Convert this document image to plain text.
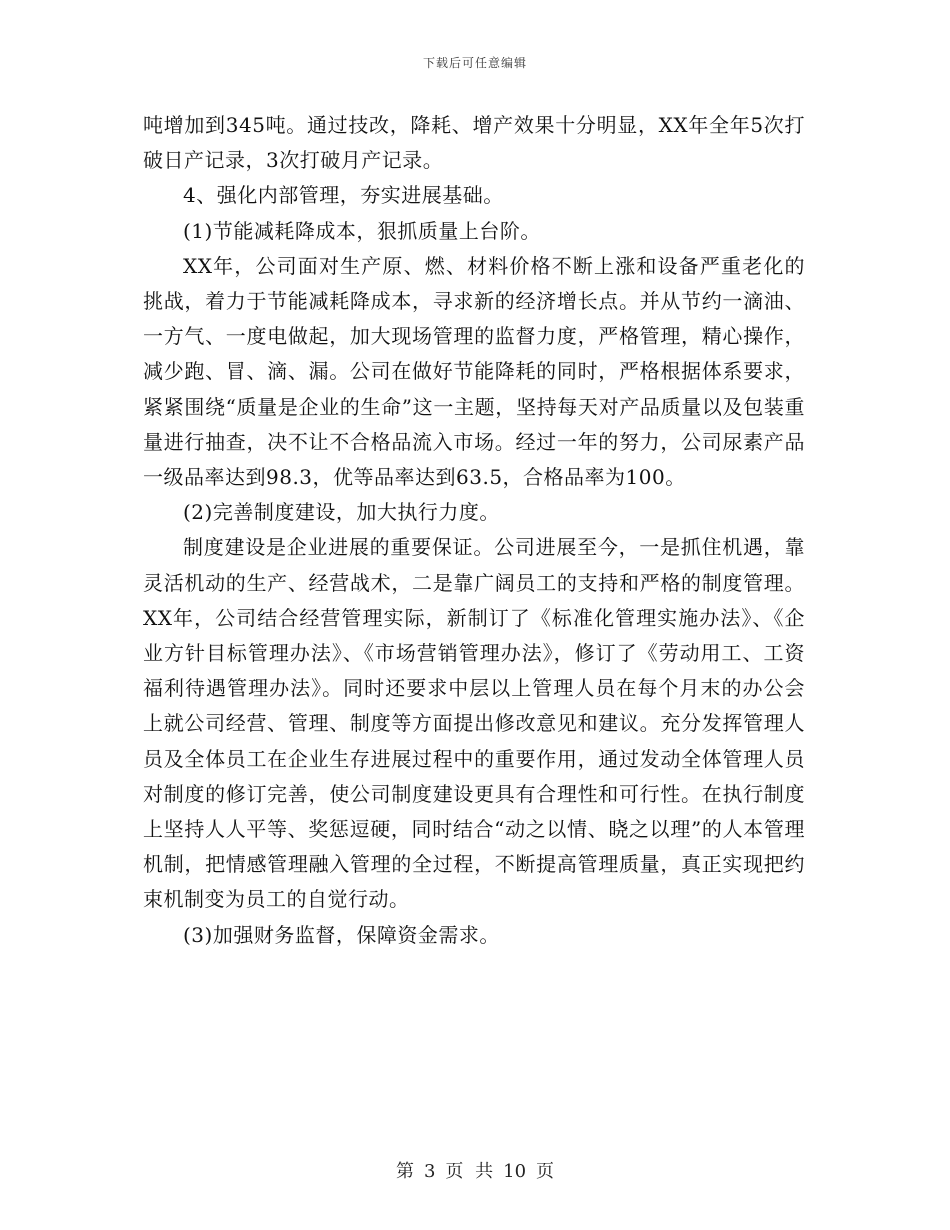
下载后可任意编辑

吨增加到345吨。通过技改，降耗、增产效果十分明显，XX年全年5次打破日产记录，3次打破月产记录。

4、强化内部管理，夯实进展基础。

(1)节能减耗降成本，狠抓质量上台阶。

XX年，公司面对生产原、燃、材料价格不断上涨和设备严重老化的挑战，着力于节能减耗降成本，寻求新的经济增长点。并从节约一滴油、一方气、一度电做起，加大现场管理的监督力度，严格管理，精心操作，减少跑、冒、滴、漏。公司在做好节能降耗的同时，严格根据体系要求，紧紧围绕“质量是企业的生命”这一主题，坚持每天对产品质量以及包装重量进行抽查，决不让不合格品流入市场。经过一年的努力，公司尿素产品一级品率达到98.3，优等品率达到63.5，合格品率为100。

(2)完善制度建设，加大执行力度。

制度建设是企业进展的重要保证。公司进展至今，一是抓住机遇，靠灵活机动的生产、经营战术，二是靠广阔员工的支持和严格的制度管理。XX年，公司结合经营管理实际，新制订了《标准化管理实施办法》、《企业方针目标管理办法》、《市场营销管理办法》，修订了《劳动用工、工资福利待遇管理办法》。同时还要求中层以上管理人员在每个月末的办公会上就公司经营、管理、制度等方面提出修改意见和建议。充分发挥管理人员及全体员工在企业生存进展过程中的重要作用，通过发动全体管理人员对制度的修订完善，使公司制度建设更具有合理性和可行性。在执行制度上坚持人人平等、奖惩逗硬，同时结合“动之以情、晓之以理”的人本管理机制，把情感管理融入管理的全过程，不断提高管理质量，真正实现把约束机制变为员工的自觉行动。

(3)加强财务监督，保障资金需求。

第 3 页 共 10 页
